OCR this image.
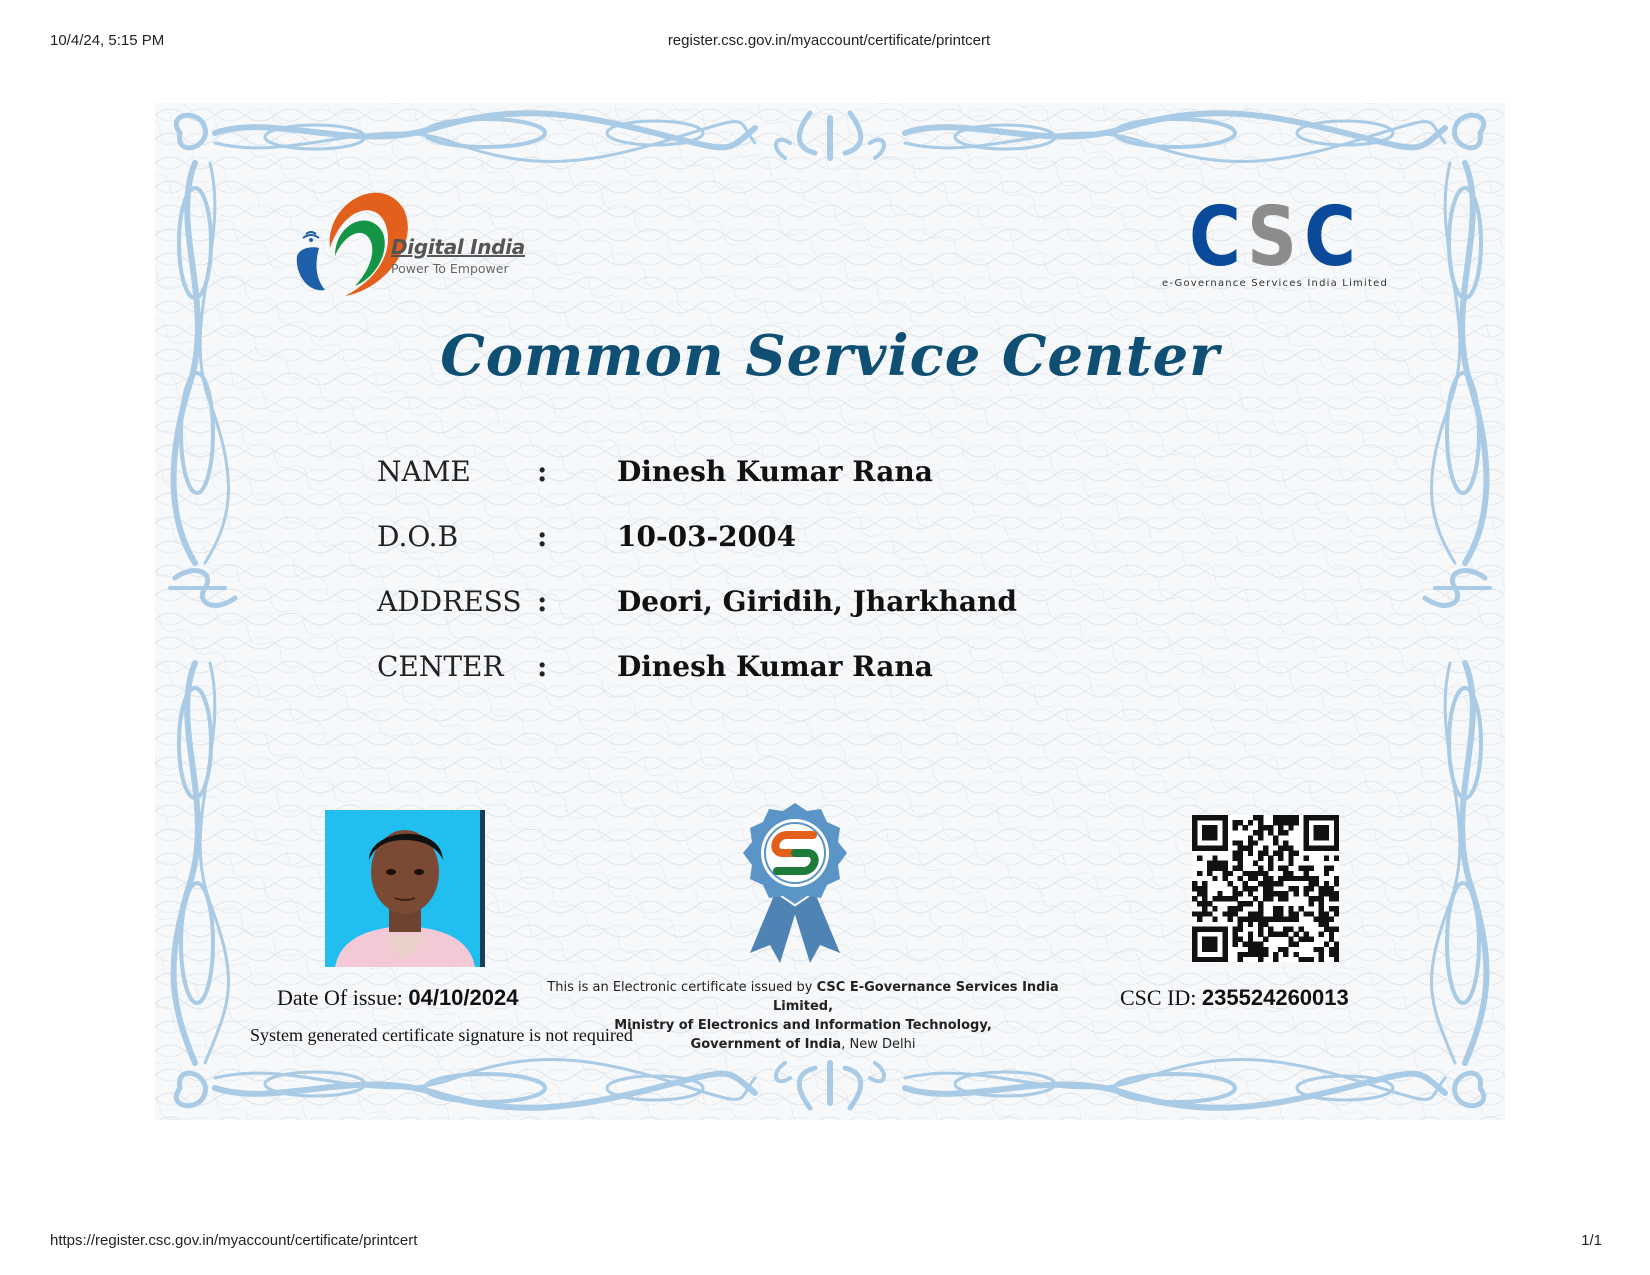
10/4/24, 5:15 PM	register.csc.gov.in/myaccount/certificate/printcert
Digital India
Power To Empower	C S C
e-Governance Services India Limited
Common Service Center
NAME : Dinesh Kumar Rana
D.O.B	: 10-03-2004
ADDRESS : Deori, Giridih, Jharkhand
CENTER : Dinesh Kumar Rana
Date Of issue: 04/10/2024
System generated certificate signature is not required
This is an Electronic certificate issued by CSC E-Governance Services India Limited,
Ministry of Electronics and Information Technology,
Government of India, New Delhi
CSC ID: 235524260013
https://register.csc.gov.in/myaccount/certificate/printcert	1/1
